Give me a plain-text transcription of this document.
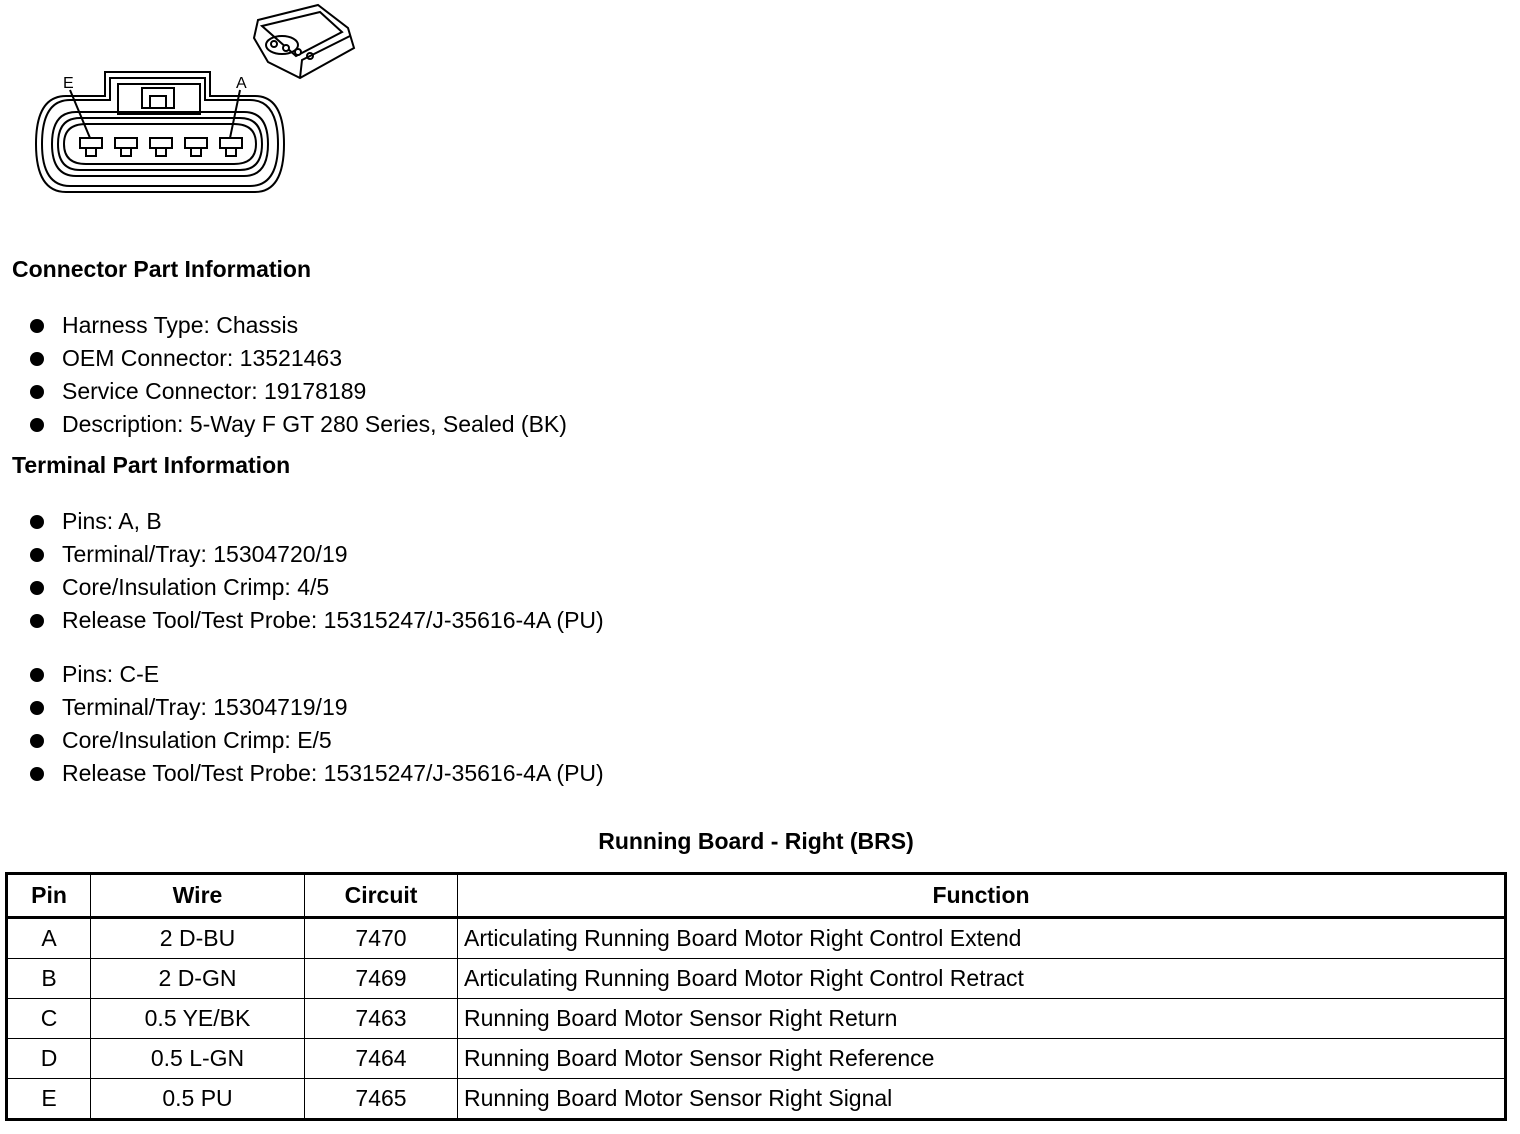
E	A
Connector Part Information
Harness Type: Chassis
OEM Connector: 13521463
Service Connector: 19178189
Description: 5-Way F GT 280 Series, Sealed (BK)
Terminal Part Information
Pins: A, B
Terminal/Tray: 15304720/19
Core/Insulation Crimp: 4/5
Release Tool/Test Probe: 15315247/J-35616-4A (PU)
Pins: C-E
Terminal/Tray: 15304719/19
Core/Insulation Crimp: E/5
Release Tool/Test Probe: 15315247/J-35616-4A (PU)
Running Board - Right (BRS)
Pin	Wire	Circuit	Function
A	2 D-BU	7470	Articulating Running Board Motor Right Control Extend
B	2 D-GN	7469	Articulating Running Board Motor Right Control Retract
C	0.5 YE/BK	7463	Running Board Motor Sensor Right Return
D	0.5 L-GN	7464	Running Board Motor Sensor Right Reference
E	0.5 PU	7465	Running Board Motor Sensor Right Signal
